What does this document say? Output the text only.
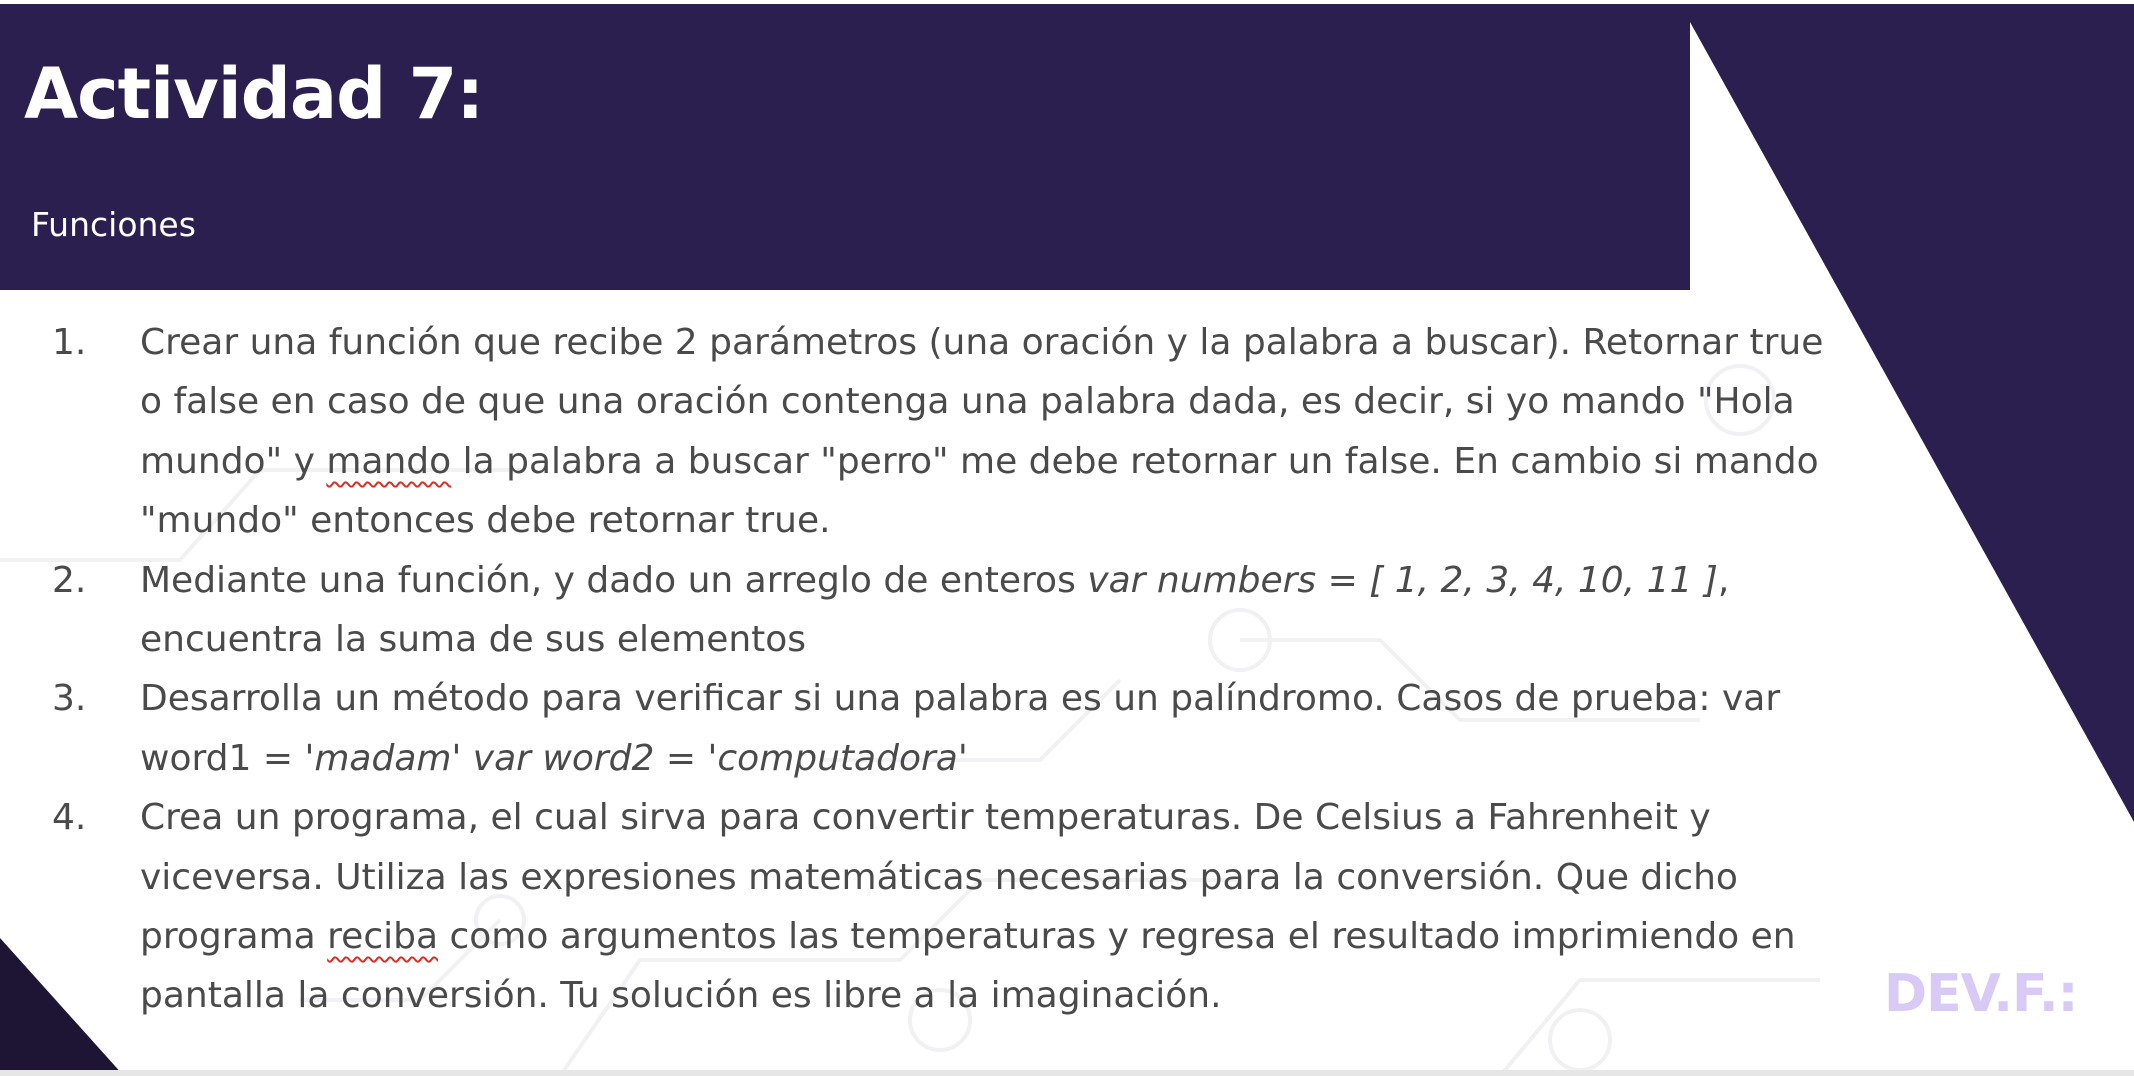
Actividad 7:

Funciones

1. Crear una función que recibe 2 parámetros (una oración y la palabra a buscar). Retornar true o false en caso de que una oración contenga una palabra dada, es decir, si yo mando "Hola mundo" y mando la palabra a buscar "perro" me debe retornar un false. En cambio si mando "mundo" entonces debe retornar true.
2. Mediante una función, y dado un arreglo de enteros var numbers = [ 1, 2, 3, 4, 10, 11 ], encuentra la suma de sus elementos
3. Desarrolla un método para verificar si una palabra es un palíndromo. Casos de prueba: var word1 = 'madam' var word2 = 'computadora'
4. Crea un programa, el cual sirva para convertir temperaturas. De Celsius a Fahrenheit y viceversa. Utiliza las expresiones matemáticas necesarias para la conversión. Que dicho programa reciba como argumentos las temperaturas y regresa el resultado imprimiendo en pantalla la conversión. Tu solución es libre a la imaginación.	DEV.F.:
